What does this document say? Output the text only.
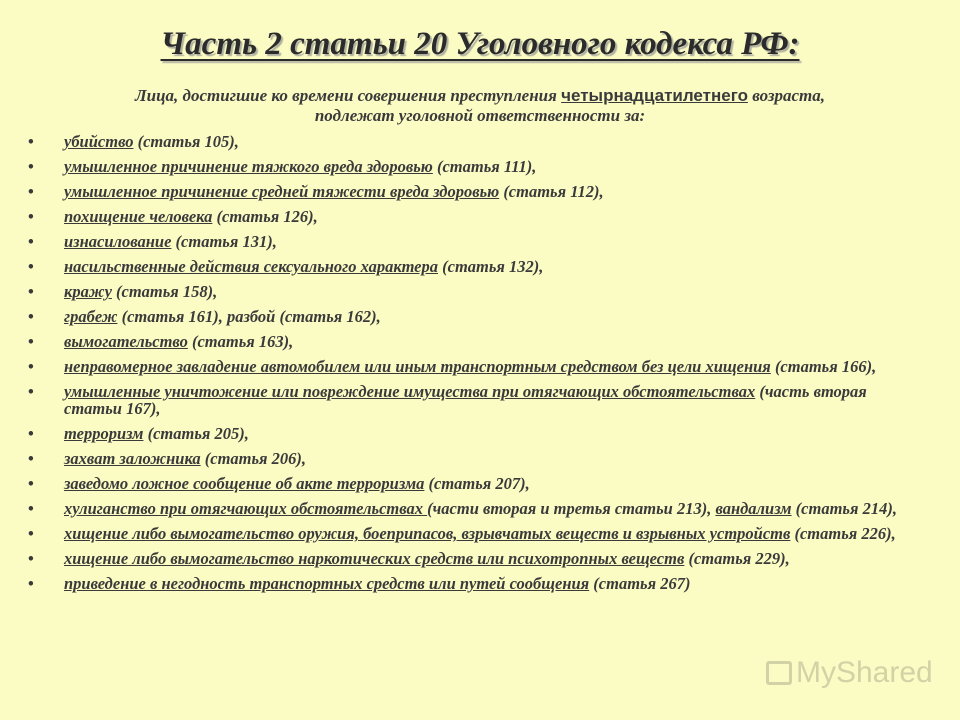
Часть 2 статьи 20 Уголовного кодекса РФ:
Лица, достигшие ко времени совершения преступления четырнадцатилетнего возраста,
подлежат уголовной ответственности за:
• убийство (статья 105),
• умышленное причинение тяжкого вреда здоровью (статья 111),
• умышленное причинение средней тяжести вреда здоровью (статья 112),
• похищение человека (статья 126),
• изнасилование (статья 131),
• насильственные действия сексуального характера (статья 132),
• кражу (статья 158),
• грабеж (статья 161), разбой (статья 162),
• вымогательство (статья 163),
• неправомерное завладение автомобилем или иным транспортным средством без цели хищения (статья 166),
• умышленные уничтожение или повреждение имущества при отягчающих обстоятельствах (часть вторая статьи 167),
• терроризм (статья 205),
• захват заложника (статья 206),
• заведомо ложное сообщение об акте терроризма (статья 207),
• хулиганство при отягчающих обстоятельствах (части вторая и третья статьи 213), вандализм (статья 214),
• хищение либо вымогательство оружия, боеприпасов, взрывчатых веществ и взрывных устройств (статья 226),
• хищение либо вымогательство наркотических средств или психотропных веществ (статья 229),
• приведение в негодность транспортных средств или путей сообщения (статья 267)
MyShared
